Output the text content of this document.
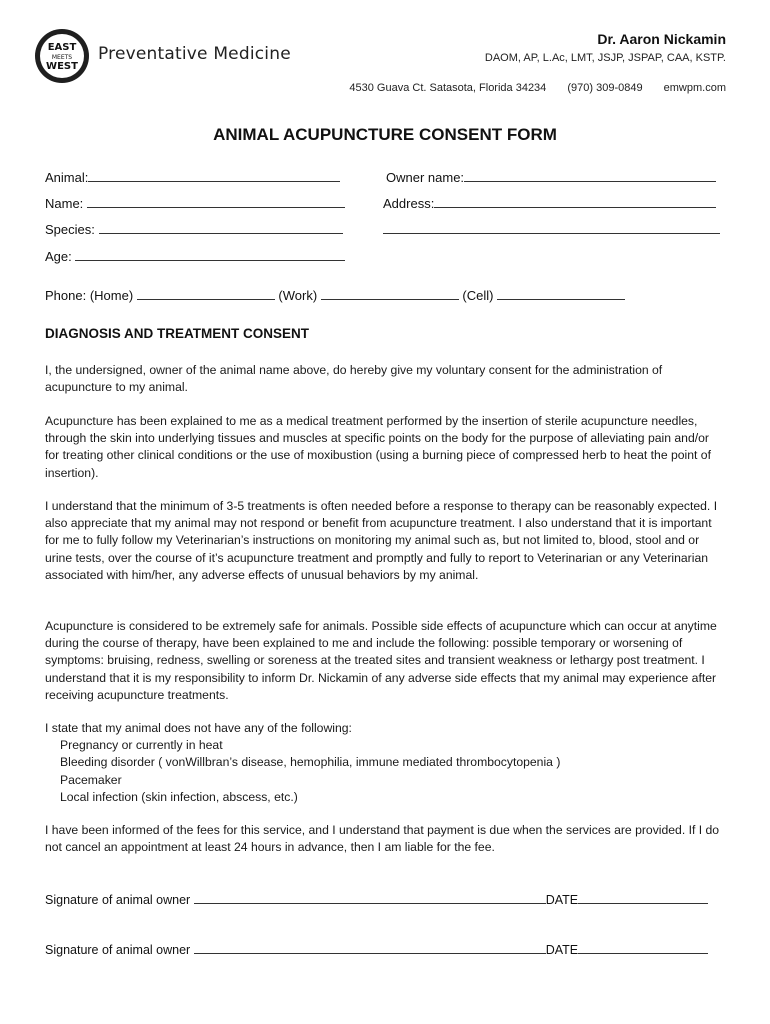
EAST
MEETS
WEST
Preventative Medicine
Dr. Aaron Nickamin
DAOM, AP, L.Ac, LMT, JSJP, JSPAP, CAA, KSTP.
4530 Guava Ct. Satasota, Florida 34234 (970) 309-0849 emwpm.com
ANIMAL ACUPUNCTURE CONSENT FORM
Animal:
Name:
Species:
Age:
Owner name:
Address:
Phone: (Home)	(Work)	(Cell)
DIAGNOSIS AND TREATMENT CONSENT
I, the undersigned, owner of the animal name above, do hereby give my voluntary consent for the administration of acupuncture to my animal.
Acupuncture has been explained to me as a medical treatment performed by the insertion of sterile acupuncture needles, through the skin into underlying tissues and muscles at specific points on the body for the purpose of alleviating pain and/or for treating other clinical conditions or the use of moxibustion (using a burning piece of compressed herb to heat the point of insertion).
I understand that the minimum of 3-5 treatments is often needed before a response to therapy can be reasonably expected. I also appreciate that my animal may not respond or benefit from acupuncture treatment. I also understand that it is important for me to fully follow my Veterinarian’s instructions on monitoring my animal such as, but not limited to, blood, stool and or urine tests, over the course of it’s acupuncture treatment and promptly and fully to report to Veterinarian or any Veterinarian associated with him/her, any adverse effects of unusual behaviors by my animal.
Acupuncture is considered to be extremely safe for animals. Possible side effects of acupuncture which can occur at anytime during the course of therapy, have been explained to me and include the following: possible temporary or worsening of symptoms: bruising, redness, swelling or soreness at the treated sites and transient weakness or lethargy post treatment. I understand that it is my responsibility to inform Dr. Nickamin of any adverse side effects that my animal may experience after receiving acupuncture treatments.
I state that my animal does not have any of the following:
Pregnancy or currently in heat
Bleeding disorder ( vonWillbran’s disease, hemophilia, immune mediated thrombocytopenia )
Pacemaker
Local infection (skin infection, abscess, etc.)
I have been informed of the fees for this service, and I understand that payment is due when the services are provided. If I do not cancel an appointment at least 24 hours in advance, then I am liable for the fee.
Signature of animal owner	DATE
Signature of animal owner	DATE
